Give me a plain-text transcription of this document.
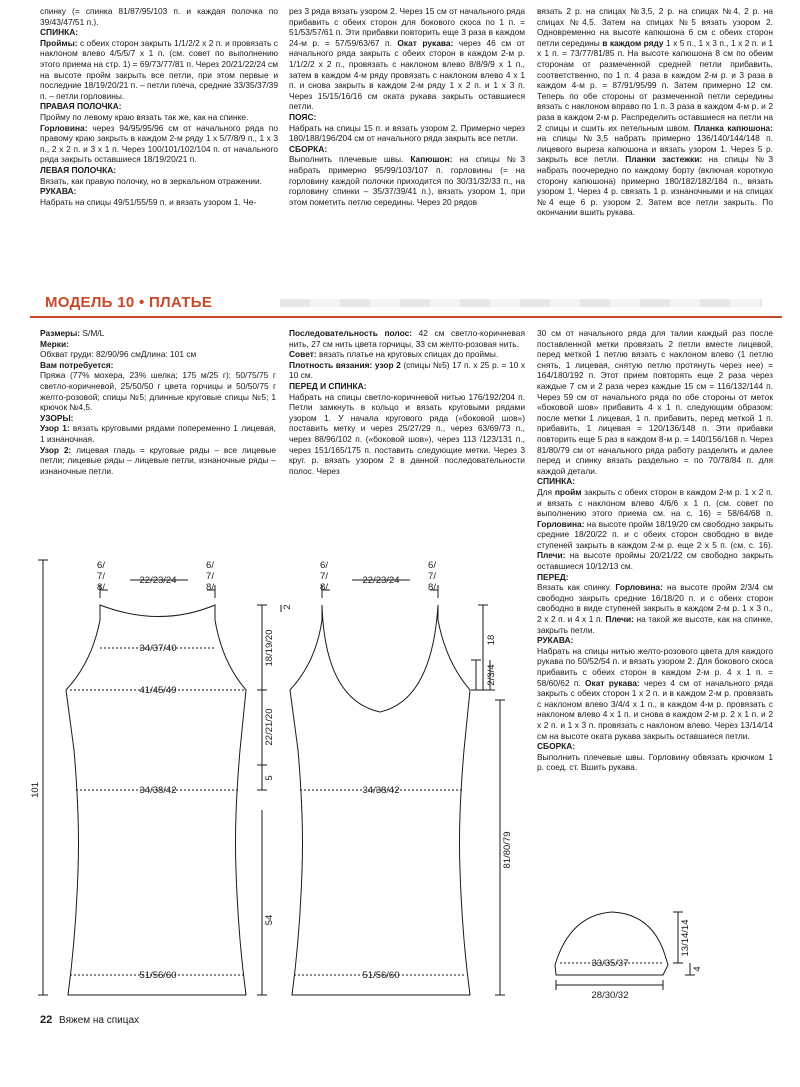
спинку (= спинка 81/87/95/103 п. и каждая полочка по 39/43/47/51 п.).

СПИНКА:

Проймы: с обеих сторон закрыть 1/1/2/2 х 2 п. и провязать с наклоном влево 4/5/5/7 х 1 п. (см. совет по выполнению этого приема на стр. 1) = 69/73/77/81 п. Через 20/21/22/24 см на высоте пройм закрыть все петли, при этом первые и последние 18/19/20/21 п. – петли плеча, средние 33/35/37/39 п. – петли горловины.

ПРАВАЯ ПОЛОЧКА:

Пройму по левому краю вязать так же, как на спинке.

Горловина: через 94/95/95/96 см от начального ряда по правому краю закрыть в каждом 2-м ряду 1 х 5/7/8/9 п., 1 х 3 п., 2 х 2 п. и 3 х 1 п. Через 100/101/102/104 п. от начального ряда закрыть оставшиеся 18/19/20/21 п.

ЛЕВАЯ ПОЛОЧКА:

Вязать, как правую полочку, но в зеркальном отражении.

РУКАВА:

Набрать на спицы 49/51/55/59 п. и вязать узором 1. Че-

рез 3 ряда вязать узором 2. Через 15 см от начального ряда прибавить с обеих сторон для бокового скоса по 1 п. = 51/53/57/61 п. Эти прибавки повторить еще 3 раза в каждом 24-м р. = 57/59/63/67 п. Окат рукава: через 46 см от начального ряда закрыть с обеих сторон в каждом 2-м р. 1/1/2/2 х 2 п., провязать с наклоном влево 8/8/9/9 х 1 п., затем в каждом 4-м ряду провязать с наклоном влево 4 х 1 п. и снова закрыть в каждом 2-м ряду 1 х 2 п. и 1 х 3 п. Через 15/15/16/16 см оката рукава закрыть оставшиеся петли.

ПОЯС:

Набрать на спицы 15 п. и вязать узором 2. Примерно через 180/188/196/204 см от начального ряда закрыть все петли.

СБОРКА:

Выполнить плечевые швы. Капюшон: на спицы №3 набрать примерно 95/99/103/107 п. горловины (= на горловину каждой полочки приходится по 30/31/32/33 п., на горловину спинки – 35/37/39/41 п.), вязать узором 1, при этом пометить петлю середины. Через 20 рядов

вязать 2 р. на спицах №3,5, 2 р. на спицах №4, 2 р. на спицах №4,5. Затем на спицах №5 вязать узором 2. Одновременно на высоте капюшона 6 см с обеих сторон петли середины в каждом ряду 1 х 5 п., 1 х 3 п., 1 х 2 п. и 1 х 1 п. = 73/77/81/85 п. На высоте капюшона 8 см по обеим сторонам от размеченной средней петли прибавить, соответственно, по 1 п. 4 раза в каждом 2-м р. и 3 раза в каждом 4-м р. = 87/91/95/99 п. Затем примерно 12 см. Теперь по обе стороны от размеченной петли середины вязать с наклоном вправо по 1 п. 3 раза в каждом 4-м р. и 2 раза в каждом 2-м р. Распределить оставшиеся на петли на 2 спицы и сшить их петельным швом. Планка капюшона: на спицы №3,5 набрать примерно 136/140/144/148 п. лицевого выреза капюшона и вязать узором 1. Через 5 р. закрыть все петли. Планки застежки: на спицы №3 набрать поочередно по каждому борту (включая короткую сторону капюшона) примерно 180/182/182/184 п., вязать узором 1. Через 4 р. связать 1 р. изнаночными и на спицах №4 еще 6 р. узором 2. Затем все петли закрыть. По окончании вшить рукава.

МОДЕЛЬ 10 • ПЛАТЬЕ

Размеры: S/M/L

Мерки:

Обхват груди: 82/90/96 смДлина: 101 см

Вам потребуется:

Пряжа (77% мохера, 23% шелка; 175 м/25 г): 50/75/75 г светло-коричневой, 25/50/50 г цвета горчицы и 50/50/75 г желто-розовой; спицы №5; длинные круговые спицы №5; 1 крючок №4,5.

УЗОРЫ:

Узор 1: вязать круговыми рядами попеременно 1 лицевая, 1 изнаночная.

Узор 2: лицевая гладь = круговые ряды – все лицевые петли; лицевые ряды – лицевые петли, изнаночные ряды – изнаночные петли.

Последовательность полос: 42 см светло-коричневая нить, 27 см нить цвета горчицы, 33 см желто-розовая нить.

Совет: вязать платье на круговых спицах до проймы.

Плотность вязания: узор 2 (спицы №5) 17 п. х 25 р. = 10 х 10 см.

ПЕРЕД И СПИНКА:

Набрать на спицы светло-коричневой нитью 176/192/204 п. Петли замкнуть в кольцо и вязать круговыми рядами узором 1. У начала кругового ряда («боковой шов») поставить метку и через 25/27/29 п., через 63/69/73 п., через 88/96/102 п. («боковой шов»), через 113 /123/131 п., через 151/165/175 п. поставить следующие метки. Через 3 круг. р. вязать узором 2 в данной последовательности полос. Через

30 см от начального ряда для талии каждый раз после поставленной метки провязать 2 петли вместе лицевой, перед меткой 1 петлю вязать с наклоном влево (1 петлю снять, 1 лицевая, снятую петлю протянуть через нее) = 164/180/192 п. Этот прием повторять еще 2 раза через каждые 7 см и 2 раза через каждые 15 см = 116/132/144 п. Через 59 см от начального ряда по обе стороны от меток «боковой шов» прибавить 4 х 1 п. следующим образом: после метки 1 лицевая, 1 п. прибавить, перед меткой 1 п. прибавить, 1 лицевая = 120/136/148 п. Эти прибавки повторить еще 5 раз в каждом 8-м р. = 140/156/168 п. Через 81/80/79 см от начального ряда работу разделить и далее перед и спинку вязать раздельно = по 70/78/84 п. для каждой детали.

СПИНКА:

Для пройм закрыть с обеих сторон в каждом 2-м р. 1 х 2 п. и вязать с наклоном влево 4/6/6 х 1 п. (см. совет по выполнению этого приема см. на с. 16) = 58/64/68 п. Горловина: на высоте пройм 18/19/20 см свободно закрыть средние 18/20/22 п. и с обеих сторон свободно в виде ступеней закрыть в каждом 2-м р. еще 2 х 5 п. (см. с. 16). Плечи: на высоте проймы 20/21/22 см свободно закрыть оставшиеся 10/12/13 см.

ПЕРЕД:

Вязать как спинку. Горловина: на высоте пройм 2/3/4 см свободно закрыть средние 16/18/20 п. и с обеих сторон свободно в виде ступеней закрыть в каждом 2-м р. 1 х 3 п., 2 х 2 п. и 4 х 1 п. Плечи: на такой же высоте, как на спинке, закрыть петли.

РУКАВА:

Набрать на спицы нитью желто-розового цвета для каждого рукава по 50/52/54 п. и вязать узором 2. Для бокового скоса прибавить с обеих сторон в каждом 2-м р. 4 х 1 п. = 58/60/62 п. Окат рукава: через 4 см от начального ряда закрыть с обеих сторон 1 х 2 п. и в каждом 2-м р. провязать с наклоном влево 3/4/4 х 1 п., в каждом 4-м р. провязать с наклоном влево 4 х 1 п. и снова в каждом 2-м р. 2 х 1 п. и 2 х 2 п. и 1 х 3 п. провязать с наклоном влево. Через 13/14/14 см на высоте оката рукава закрыть оставшиеся петли.

СБОРКА:

Выполнить плечевые швы. Горловину обвязать крючком 1 р. соед. ст. Вшить рукава.

6/ 7/ 8/
22/23/24
6/ 7/ 8/
34/37/40
41/45/49
34/38/42
51/56/60
18/19/20
2
22/21/20
5
54
101
6/ 7/ 8/
22/23/24
6/ 7/ 8/
34/38/42
51/56/60
18
2/3/4
81/80/79
33/35/37
28/30/32
13/14/14
4
22 Вяжем на спицах
